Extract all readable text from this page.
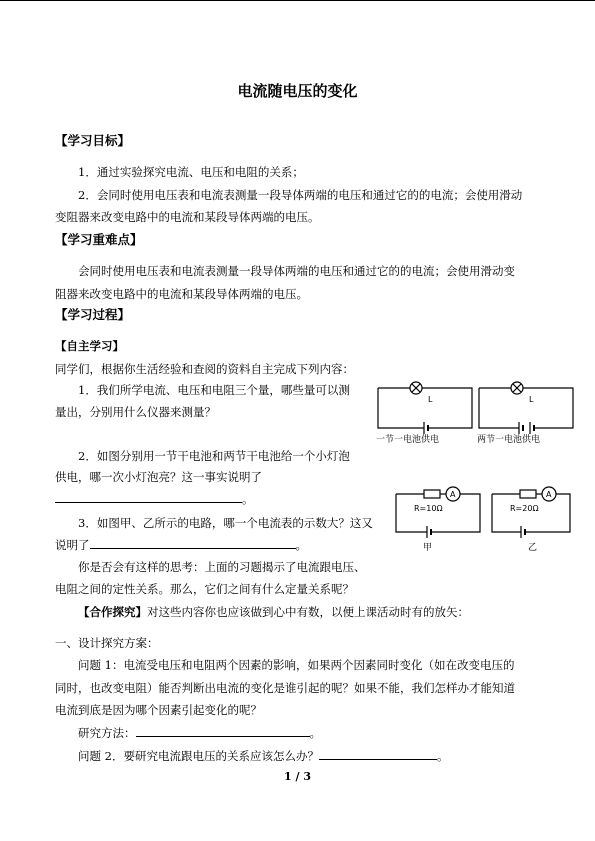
电流随电压的变化
【学习目标】
1．通过实验探究电流、电压和电阻的关系；
2．会同时使用电压表和电流表测量一段导体两端的电压和通过它的的电流；会使用滑动
变阻器来改变电路中的电流和某段导体两端的电压。
【学习重难点】
会同时使用电压表和电流表测量一段导体两端的电压和通过它的的电流；会使用滑动变
阻器来改变电路中的电流和某段导体两端的电压。
【学习过程】
【自主学习】
同学们，根据你生活经验和查阅的资料自主完成下列内容：
1．我们所学电流、电压和电阻三个量，哪些量可以测
量出，分别用什么仪器来测量？
2．如图分别用一节干电池和两节干电池给一个小灯泡
供电，哪一次小灯泡亮？这一事实说明了
。
3．如图甲、乙所示的电路，哪一个电流表的示数大？这又
说明了	。
你是否会有这样的思考：上面的习题揭示了电流跟电压、
电阻之间的定性关系。那么，它们之间有什么定量关系呢？
【合作探究】对这些内容你也应该做到心中有数，以便上课活动时有的放矢：
一、设计探究方案：
问题 1：电流受电压和电阻两个因素的影响，如果两个因素同时变化（如在改变电压的
同时，也改变电阻）能否判断出电流的变化是谁引起的呢？如果不能，我们怎样办才能知道
电流到底是因为哪个因素引起变化的呢？
研究方法：	。
问题 2．要研究电流跟电压的关系应该怎么办？	。
1 / 3
L
一节一电池供电
L
两节一电池供电
A
R=10Ω
甲
A
R=20Ω
乙
